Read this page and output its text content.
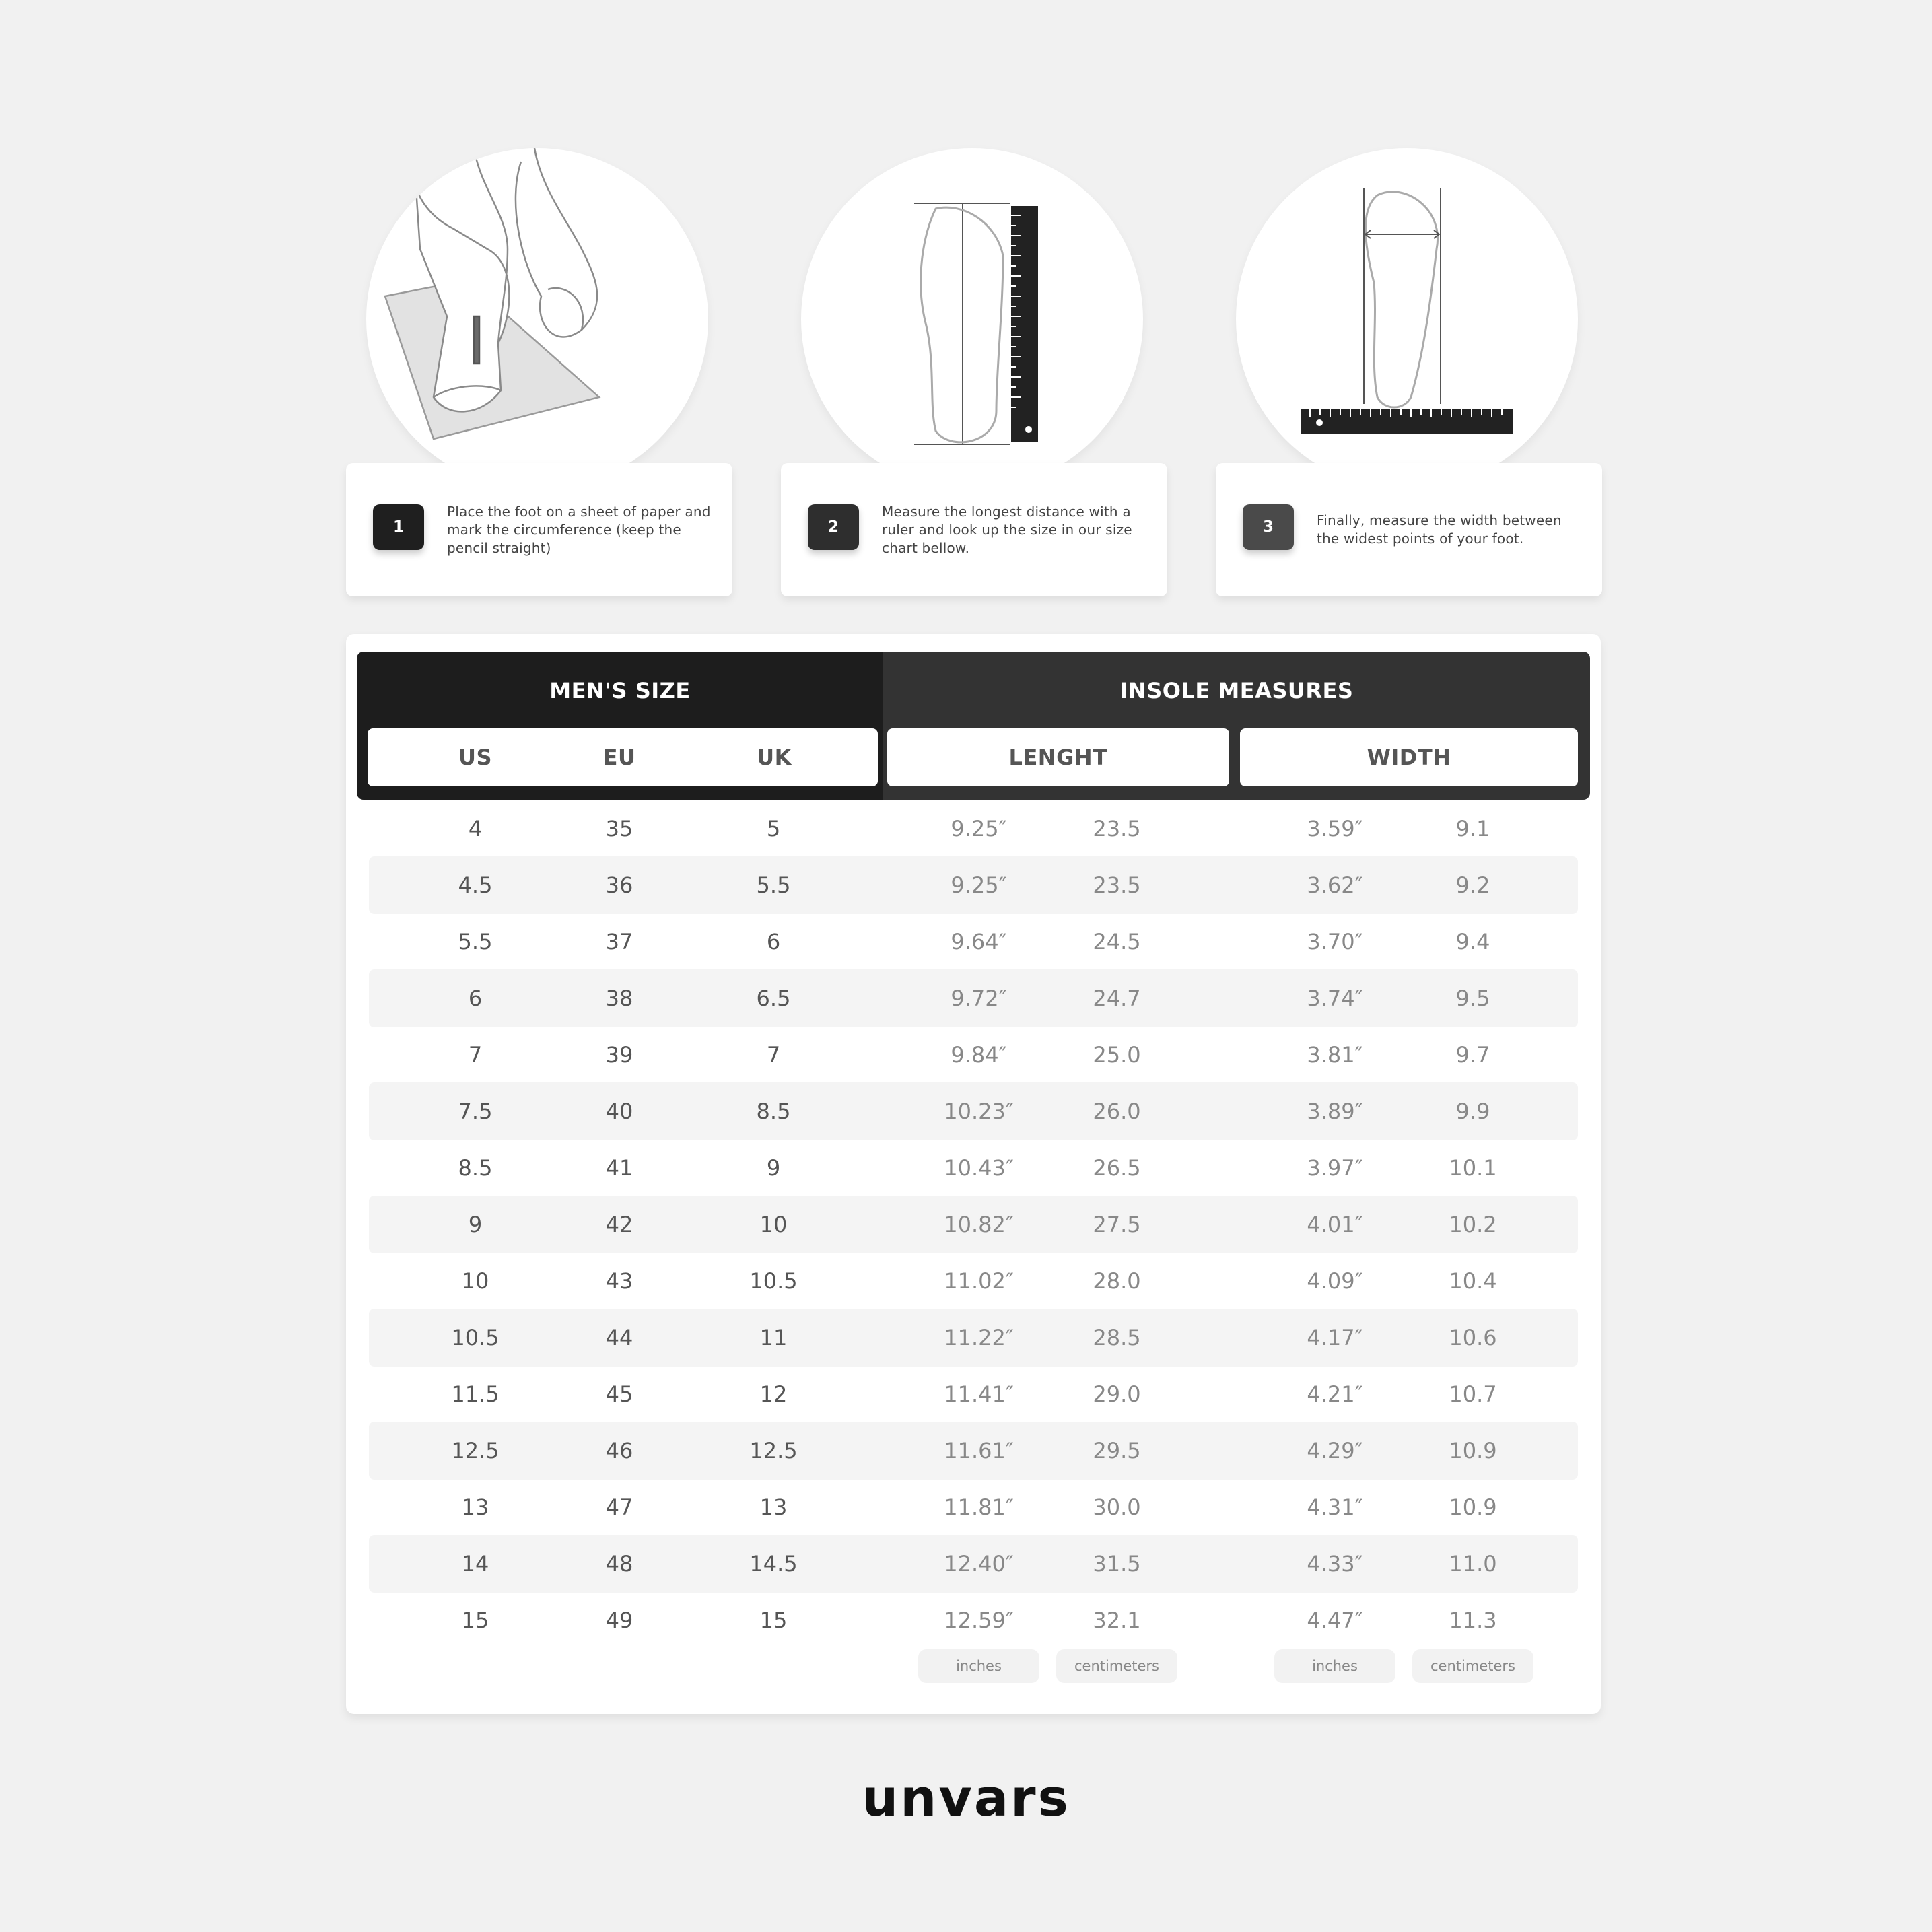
1
Place the foot on a sheet of paper and mark the circumference (keep the pencil straight)
2
Measure the longest distance with a ruler and look up the size in our size chart bellow.
3	Finally, measure the width between the widest points of your foot.
MEN'S SIZE
US	EU	UK
INSOLE MEASURES
LENGHT	WIDTH
4	35	5	9.25″	23.5	3.59″	9.1
4.5	36	5.5	9.25″	23.5	3.62″	9.2
5.5	37	6	9.64″	24.5	3.70″	9.4
6	38	6.5	9.72″	24.7	3.74″	9.5
7	39	7	9.84″	25.0	3.81″	9.7
7.5	40	8.5	10.23″	26.0	3.89″	9.9
8.5	41	9	10.43″	26.5	3.97″	10.1
9	42	10	10.82″	27.5	4.01″	10.2
10	43	10.5	11.02″	28.0	4.09″	10.4
10.5	44	11	11.22″	28.5	4.17″	10.6
11.5	45	12	11.41″	29.0	4.21″	10.7
12.5	46	12.5	11.61″	29.5	4.29″	10.9
13	47	13	11.81″	30.0	4.31″	10.9
14	48	14.5	12.40″	31.5	4.33″	11.0
15	49	15	12.59″	32.1	4.47″	11.3
inches	centimeters	inches	centimeters
unvars
